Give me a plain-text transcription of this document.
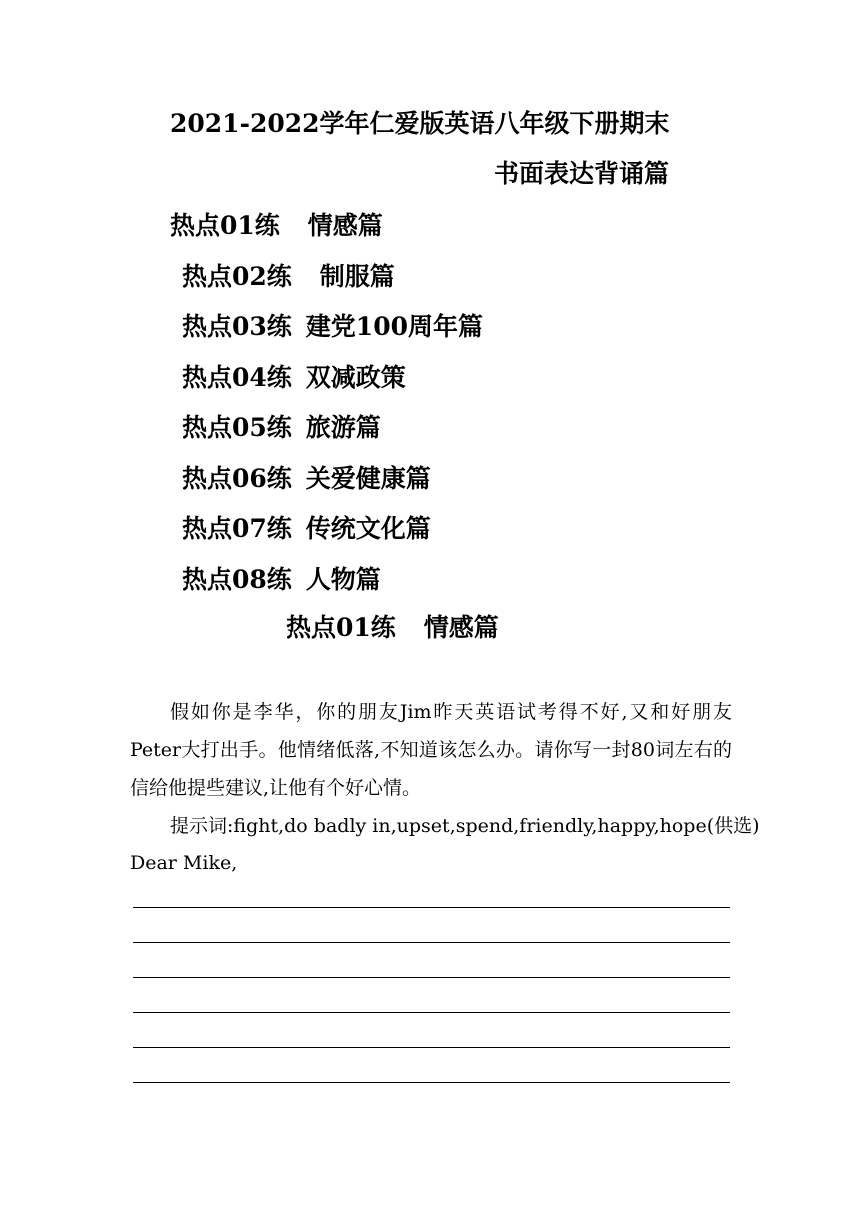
2021-2022学年仁爱版英语八年级下册期末
书面表达背诵篇
热点01练 情感篇
热点02练 制服篇
热点03练 建党100周年篇
热点04练 双减政策
热点05练 旅游篇
热点06练 关爱健康篇
热点07练 传统文化篇
热点08练 人物篇
热点01练 情感篇
假如你是李华，你的朋友Jim昨天英语试考得不好,又和好朋友Peter大打出手。他情绪低落,不知道该怎么办。请你写一封80词左右的信给他提些建议,让他有个好心情。
提示词:fight,do badly in,upset,spend,friendly,happy,hope(供选)
Dear Mike,
